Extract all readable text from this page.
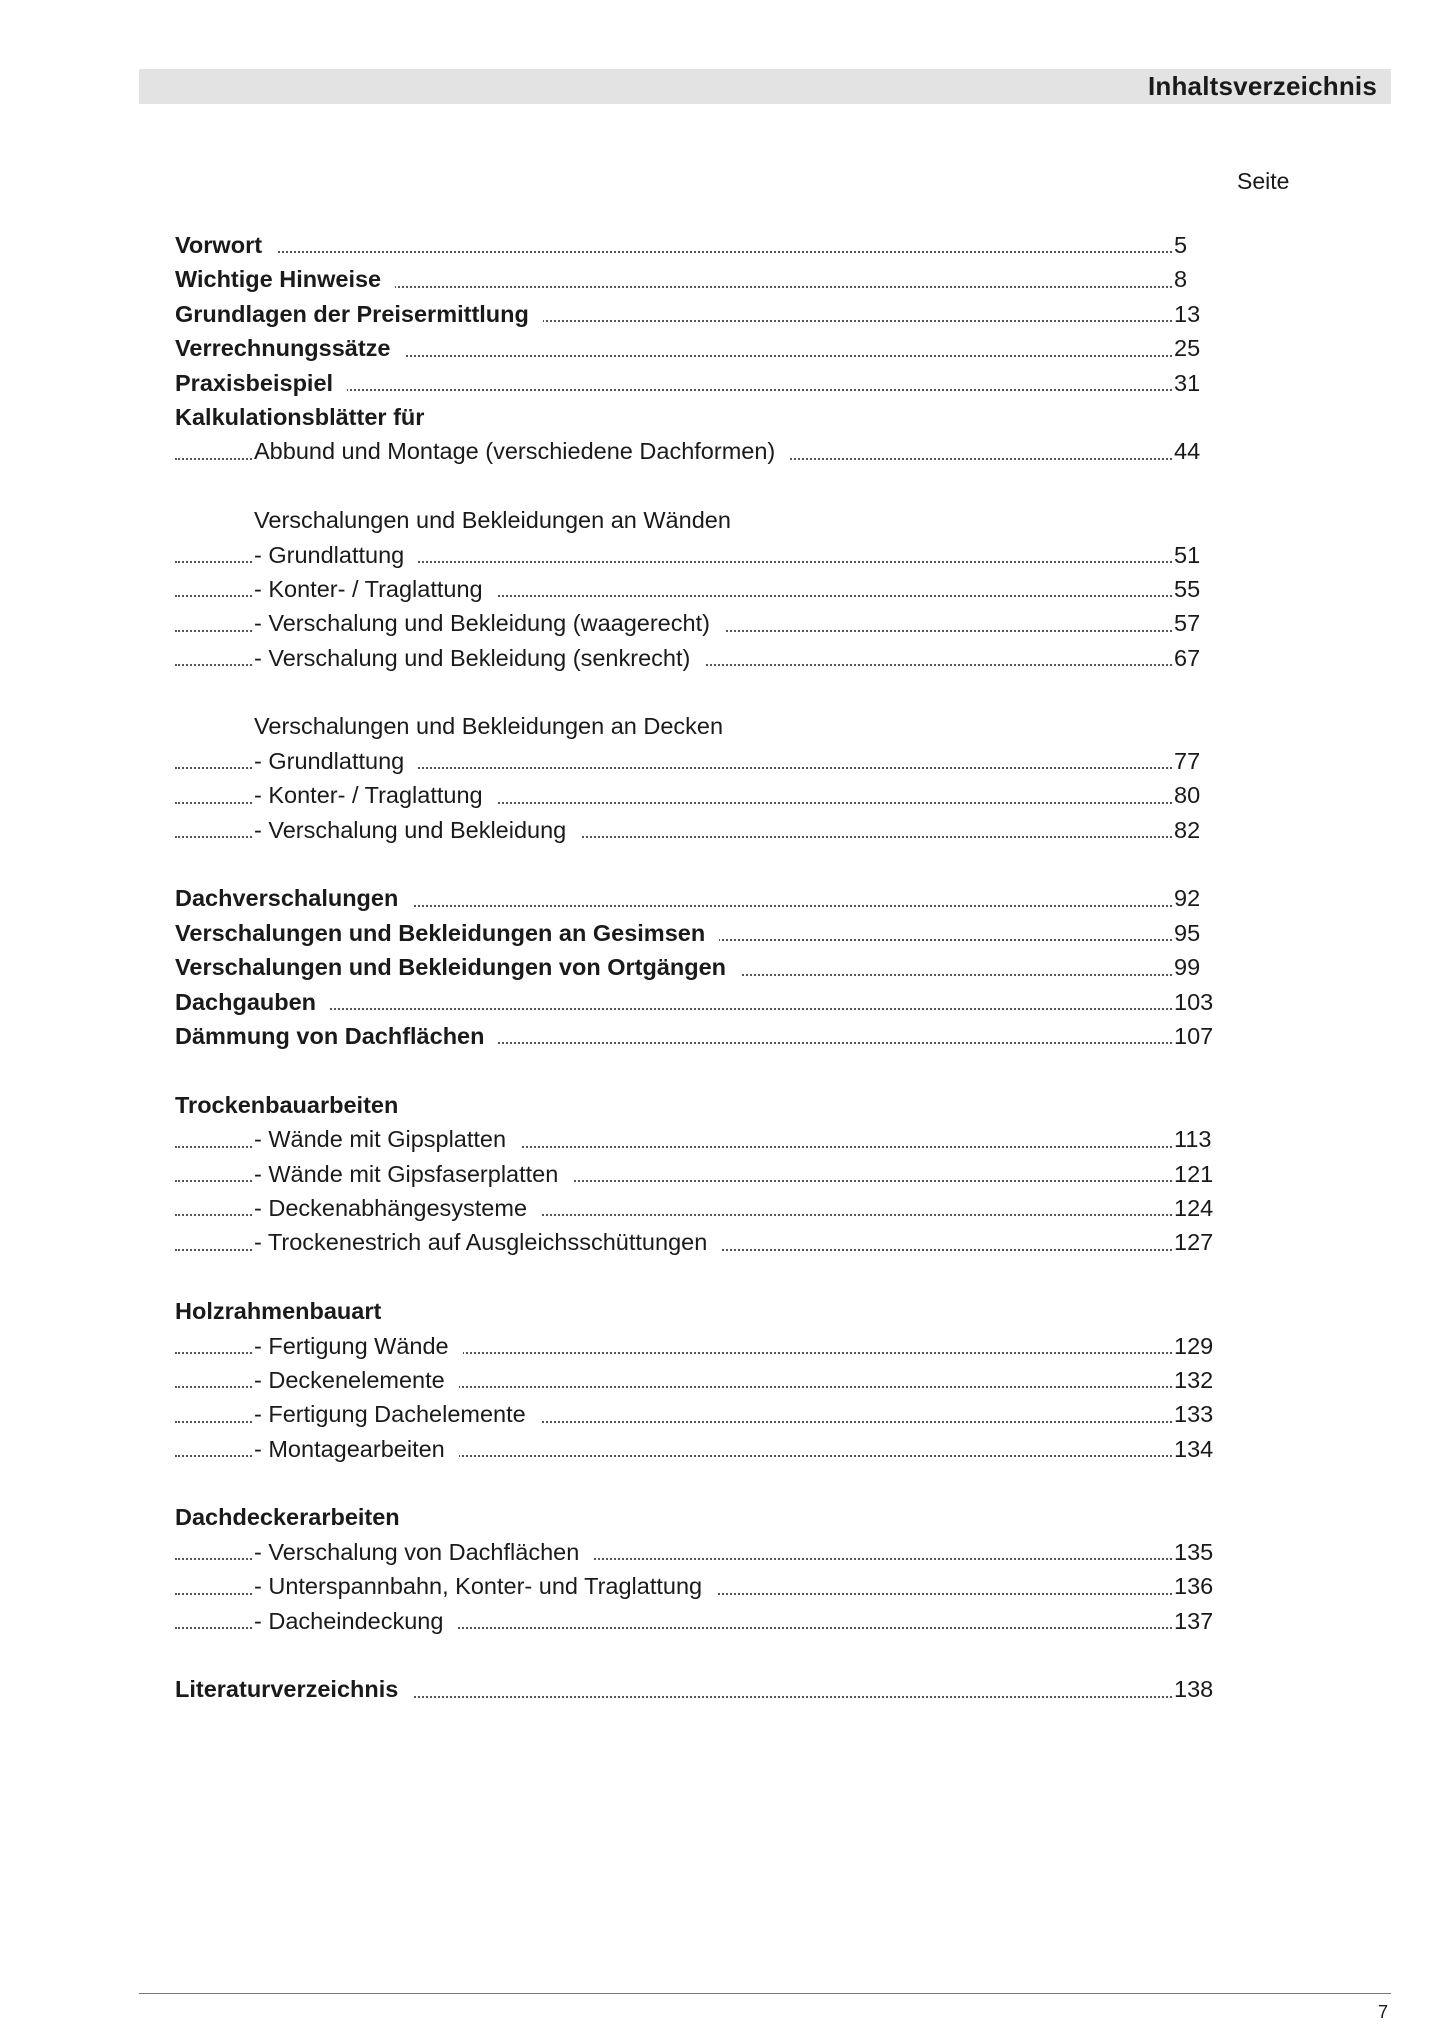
Inhaltsverzeichnis
Seite
Vorwort	5
Wichtige Hinweise	8
Grundlagen der Preisermittlung	13
Verrechnungssätze	25
Praxisbeispiel	31
Kalkulationsblätter für
Abbund und Montage (verschiedene Dachformen)	44
Verschalungen und Bekleidungen an Wänden
- Grundlattung	51
- Konter- / Traglattung	55
- Verschalung und Bekleidung (waagerecht)	57
- Verschalung und Bekleidung (senkrecht)	67
Verschalungen und Bekleidungen an Decken
- Grundlattung	77
- Konter- / Traglattung	80
- Verschalung und Bekleidung	82
Dachverschalungen	92
Verschalungen und Bekleidungen an Gesimsen	95
Verschalungen und Bekleidungen von Ortgängen	99
Dachgauben	103
Dämmung von Dachflächen	107
Trockenbauarbeiten
- Wände mit Gipsplatten	113
- Wände mit Gipsfaserplatten	121
- Deckenabhängesysteme	124
- Trockenestrich auf Ausgleichsschüttungen	127
Holzrahmenbauart
- Fertigung Wände	129
- Deckenelemente	132
- Fertigung Dachelemente	133
- Montagearbeiten	134
Dachdeckerarbeiten
- Verschalung von Dachflächen	135
- Unterspannbahn, Konter- und Traglattung	136
- Dacheindeckung	137
Literaturverzeichnis	138
7
